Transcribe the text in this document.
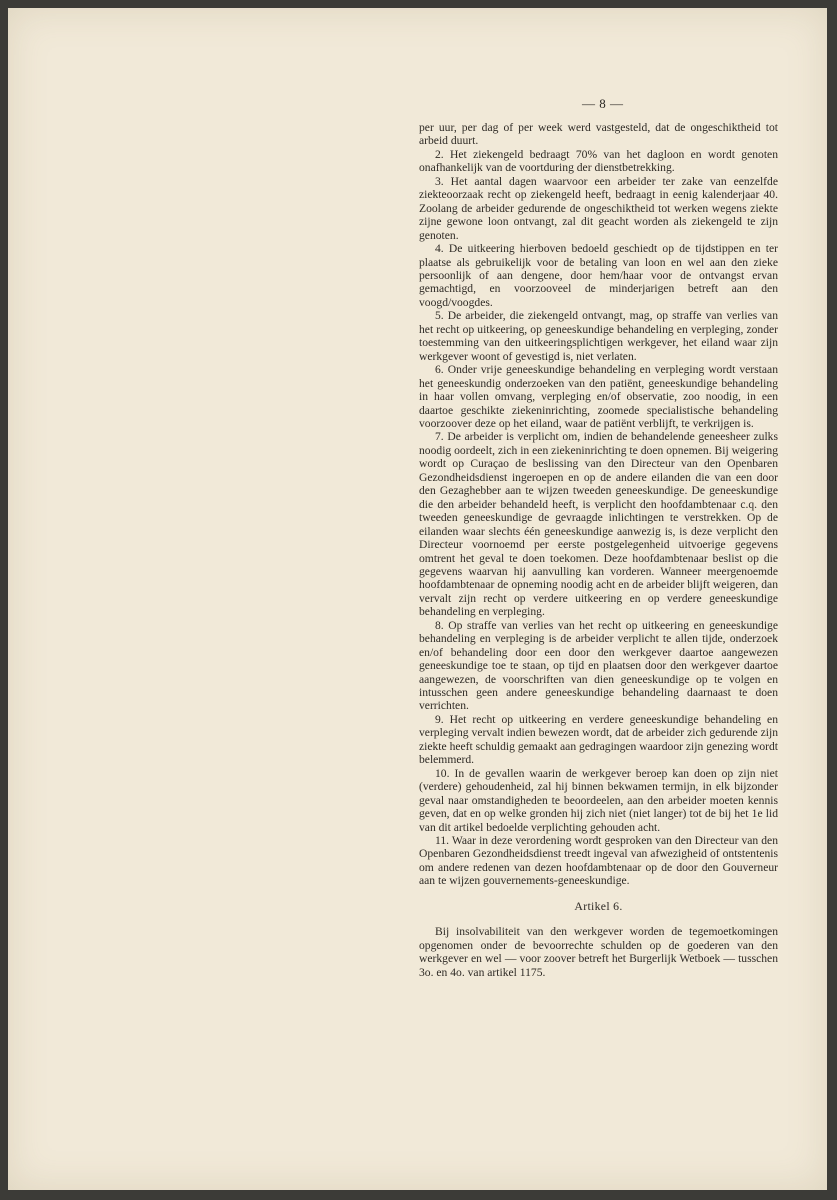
— 8 —

per uur, per dag of per week werd vastgesteld, dat de ongeschiktheid tot arbeid duurt.

2. Het ziekengeld bedraagt 70% van het dagloon en wordt genoten onafhankelijk van de voortduring der dienstbetrekking.

3. Het aantal dagen waarvoor een arbeider ter zake van eenzelfde ziekteoorzaak recht op ziekengeld heeft, bedraagt in eenig kalenderjaar 40. Zoolang de arbeider gedurende de ongeschiktheid tot werken wegens ziekte zijne gewone loon ontvangt, zal dit geacht worden als ziekengeld te zijn genoten.

4. De uitkeering hierboven bedoeld geschiedt op de tijdstippen en ter plaatse als gebruikelijk voor de betaling van loon en wel aan den zieke persoonlijk of aan dengene, door hem/haar voor de ontvangst ervan gemachtigd, en voorzooveel de minderjarigen betreft aan den voogd/voogdes.

5. De arbeider, die ziekengeld ontvangt, mag, op straffe van verlies van het recht op uitkeering, op geneeskundige behandeling en verpleging, zonder toestemming van den uitkeeringsplichtigen werkgever, het eiland waar zijn werkgever woont of gevestigd is, niet verlaten.

6. Onder vrije geneeskundige behandeling en verpleging wordt verstaan het geneeskundig onderzoeken van den patiënt, geneeskundige behandeling in haar vollen omvang, verpleging en/of observatie, zoo noodig, in een daartoe geschikte ziekeninrichting, zoomede specialistische behandeling voorzoover deze op het eiland, waar de patiënt verblijft, te verkrijgen is.

7. De arbeider is verplicht om, indien de behandelende geneesheer zulks noodig oordeelt, zich in een ziekeninrichting te doen opnemen. Bij weigering wordt op Curaçao de beslissing van den Directeur van den Openbaren Gezondheidsdienst ingeroepen en op de andere eilanden die van een door den Gezaghebber aan te wijzen tweeden geneeskundige. De geneeskundige die den arbeider behandeld heeft, is verplicht den hoofdambtenaar c.q. den tweeden geneeskundige de gevraagde inlichtingen te verstrekken. Op de eilanden waar slechts één geneeskundige aanwezig is, is deze verplicht den Directeur voornoemd per eerste postgelegenheid uitvoerige gegevens omtrent het geval te doen toekomen. Deze hoofdambtenaar beslist op die gegevens waarvan hij aanvulling kan vorderen. Wanneer meergenoemde hoofdambtenaar de opneming noodig acht en de arbeider blijft weigeren, dan vervalt zijn recht op verdere uitkeering en op verdere geneeskundige behandeling en verpleging.

8. Op straffe van verlies van het recht op uitkeering en geneeskundige behandeling en verpleging is de arbeider verplicht te allen tijde, onderzoek en/of behandeling door een door den werkgever daartoe aangewezen geneeskundige toe te staan, op tijd en plaatsen door den werkgever daartoe aangewezen, de voorschriften van dien geneeskundige op te volgen en intusschen geen andere geneeskundige behandeling daarnaast te doen verrichten.

9. Het recht op uitkeering en verdere geneeskundige behandeling en verpleging vervalt indien bewezen wordt, dat de arbeider zich gedurende zijn ziekte heeft schuldig gemaakt aan gedragingen waardoor zijn genezing wordt belemmerd.

10. In de gevallen waarin de werkgever beroep kan doen op zijn niet (verdere) gehoudenheid, zal hij binnen bekwamen termijn, in elk bijzonder geval naar omstandigheden te beoordeelen, aan den arbeider moeten kennis geven, dat en op welke gronden hij zich niet (niet langer) tot de bij het 1e lid van dit artikel bedoelde verplichting gehouden acht.

11. Waar in deze verordening wordt gesproken van den Directeur van den Openbaren Gezondheidsdienst treedt ingeval van afwezigheid of ontstentenis om andere redenen van dezen hoofdambtenaar op de door den Gouverneur aan te wijzen gouvernements-geneeskundige.

Artikel 6.

Bij insolvabiliteit van den werkgever worden de tegemoetkomingen opgenomen onder de bevoorrechte schulden op de goederen van den werkgever en wel — voor zoover betreft het Burgerlijk Wetboek — tusschen 3o. en 4o. van artikel 1175.
